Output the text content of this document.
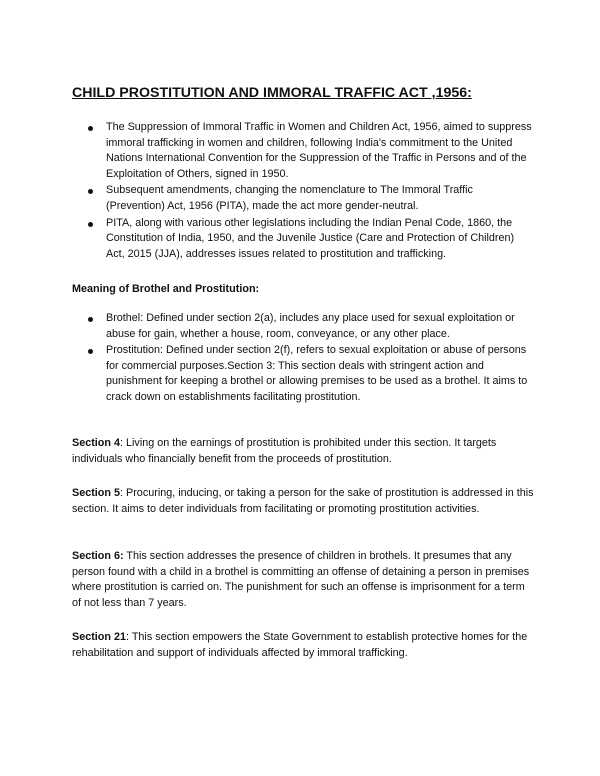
CHILD PROSTITUTION AND IMMORAL TRAFFIC ACT ,1956:
The Suppression of Immoral Traffic in Women and Children Act, 1956, aimed to suppress immoral trafficking in women and children, following India's commitment to the United Nations International Convention for the Suppression of the Traffic in Persons and of the Exploitation of Others, signed in 1950.
Subsequent amendments, changing the nomenclature to The Immoral Traffic (Prevention) Act, 1956 (PITA), made the act more gender-neutral.
PITA, along with various other legislations including the Indian Penal Code, 1860, the Constitution of India, 1950, and the Juvenile Justice (Care and Protection of Children) Act, 2015 (JJA), addresses issues related to prostitution and trafficking.
Meaning of Brothel and Prostitution:
Brothel: Defined under section 2(a), includes any place used for sexual exploitation or abuse for gain, whether a house, room, conveyance, or any other place.
Prostitution: Defined under section 2(f), refers to sexual exploitation or abuse of persons for commercial purposes.Section 3: This section deals with stringent action and punishment for keeping a brothel or allowing premises to be used as a brothel. It aims to crack down on establishments facilitating prostitution.

Section 4: Living on the earnings of prostitution is prohibited under this section. It targets individuals who financially benefit from the proceeds of prostitution.

Section 5: Procuring, inducing, or taking a person for the sake of prostitution is addressed in this section. It aims to deter individuals from facilitating or promoting prostitution activities.

Section 6: This section addresses the presence of children in brothels. It presumes that any person found with a child in a brothel is committing an offense of detaining a person in premises where prostitution is carried on. The punishment for such an offense is imprisonment for a term of not less than 7 years.

Section 21: This section empowers the State Government to establish protective homes for the rehabilitation and support of individuals affected by immoral trafficking.
